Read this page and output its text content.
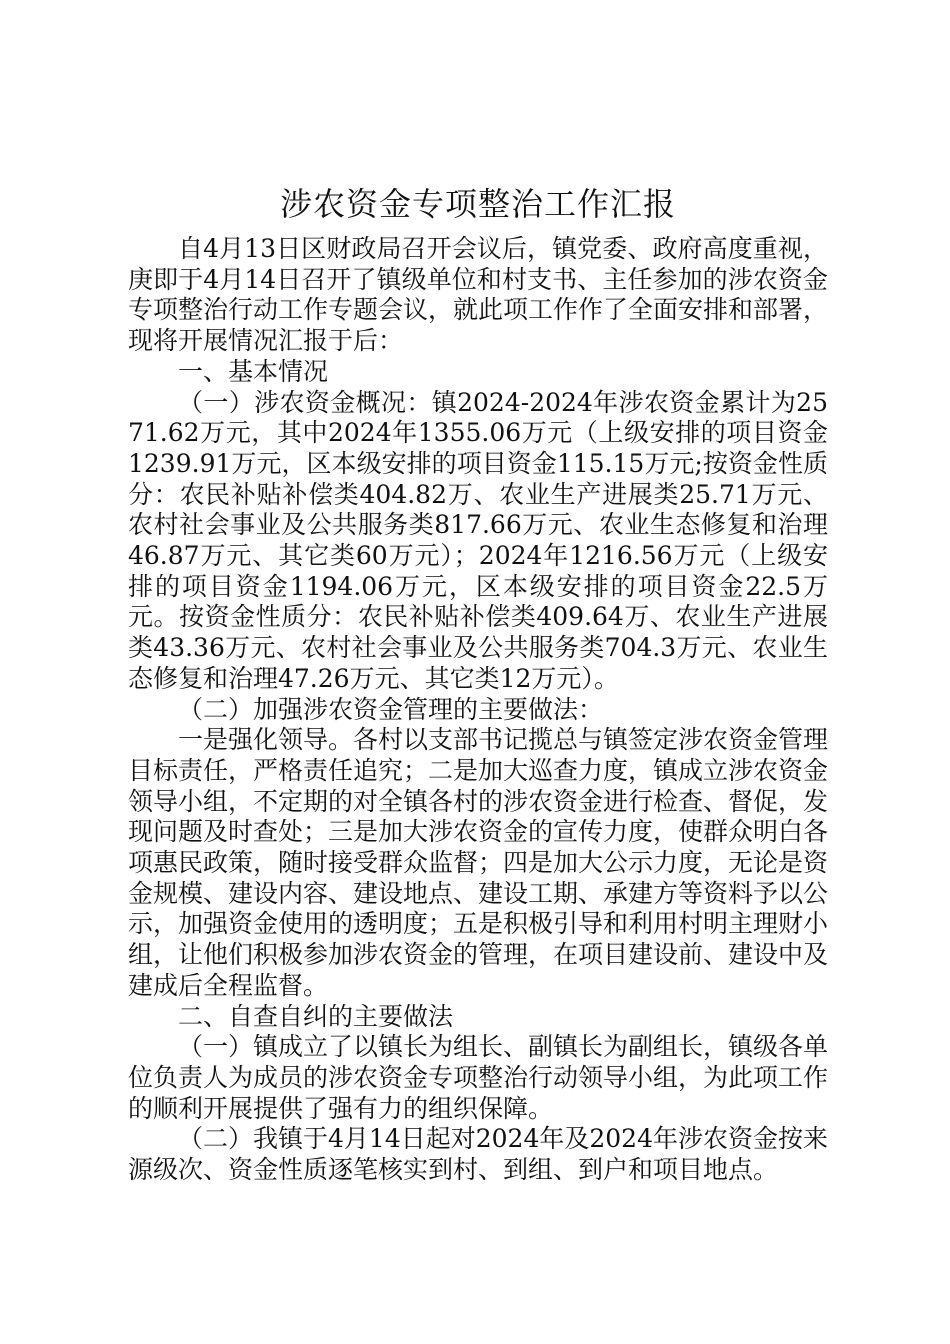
涉农资金专项整治工作汇报

自4月13日区财政局召开会议后，镇党委、政府高度重视，庚即于4月14日召开了镇级单位和村支书、主任参加的涉农资金专项整治行动工作专题会议，就此项工作作了全面安排和部署，现将开展情况汇报于后：

一、基本情况

（一）涉农资金概况：镇2024-2024年涉农资金累计为2571.62万元，其中2024年1355.06万元（上级安排的项目资金1239.91万元，区本级安排的项目资金115.15万元;按资金性质分：农民补贴补偿类404.82万、农业生产进展类25.71万元、农村社会事业及公共服务类817.66万元、农业生态修复和治理46.87万元、其它类60万元）；2024年1216.56万元（上级安排的项目资金1194.06万元，区本级安排的项目资金22.5万元。按资金性质分：农民补贴补偿类409.64万、农业生产进展类43.36万元、农村社会事业及公共服务类704.3万元、农业生态修复和治理47.26万元、其它类12万元）。

（二）加强涉农资金管理的主要做法：

一是强化领导。各村以支部书记揽总与镇签定涉农资金管理目标责任，严格责任追究；二是加大巡查力度，镇成立涉农资金领导小组，不定期的对全镇各村的涉农资金进行检查、督促，发现问题及时查处；三是加大涉农资金的宣传力度，使群众明白各项惠民政策，随时接受群众监督；四是加大公示力度，无论是资金规模、建设内容、建设地点、建设工期、承建方等资料予以公示，加强资金使用的透明度；五是积极引导和利用村明主理财小组，让他们积极参加涉农资金的管理，在项目建设前、建设中及建成后全程监督。

二、自查自纠的主要做法

（一）镇成立了以镇长为组长、副镇长为副组长，镇级各单位负责人为成员的涉农资金专项整治行动领导小组，为此项工作的顺利开展提供了强有力的组织保障。

（二）我镇于4月14日起对2024年及2024年涉农资金按来源级次、资金性质逐笔核实到村、到组、到户和项目地点。
